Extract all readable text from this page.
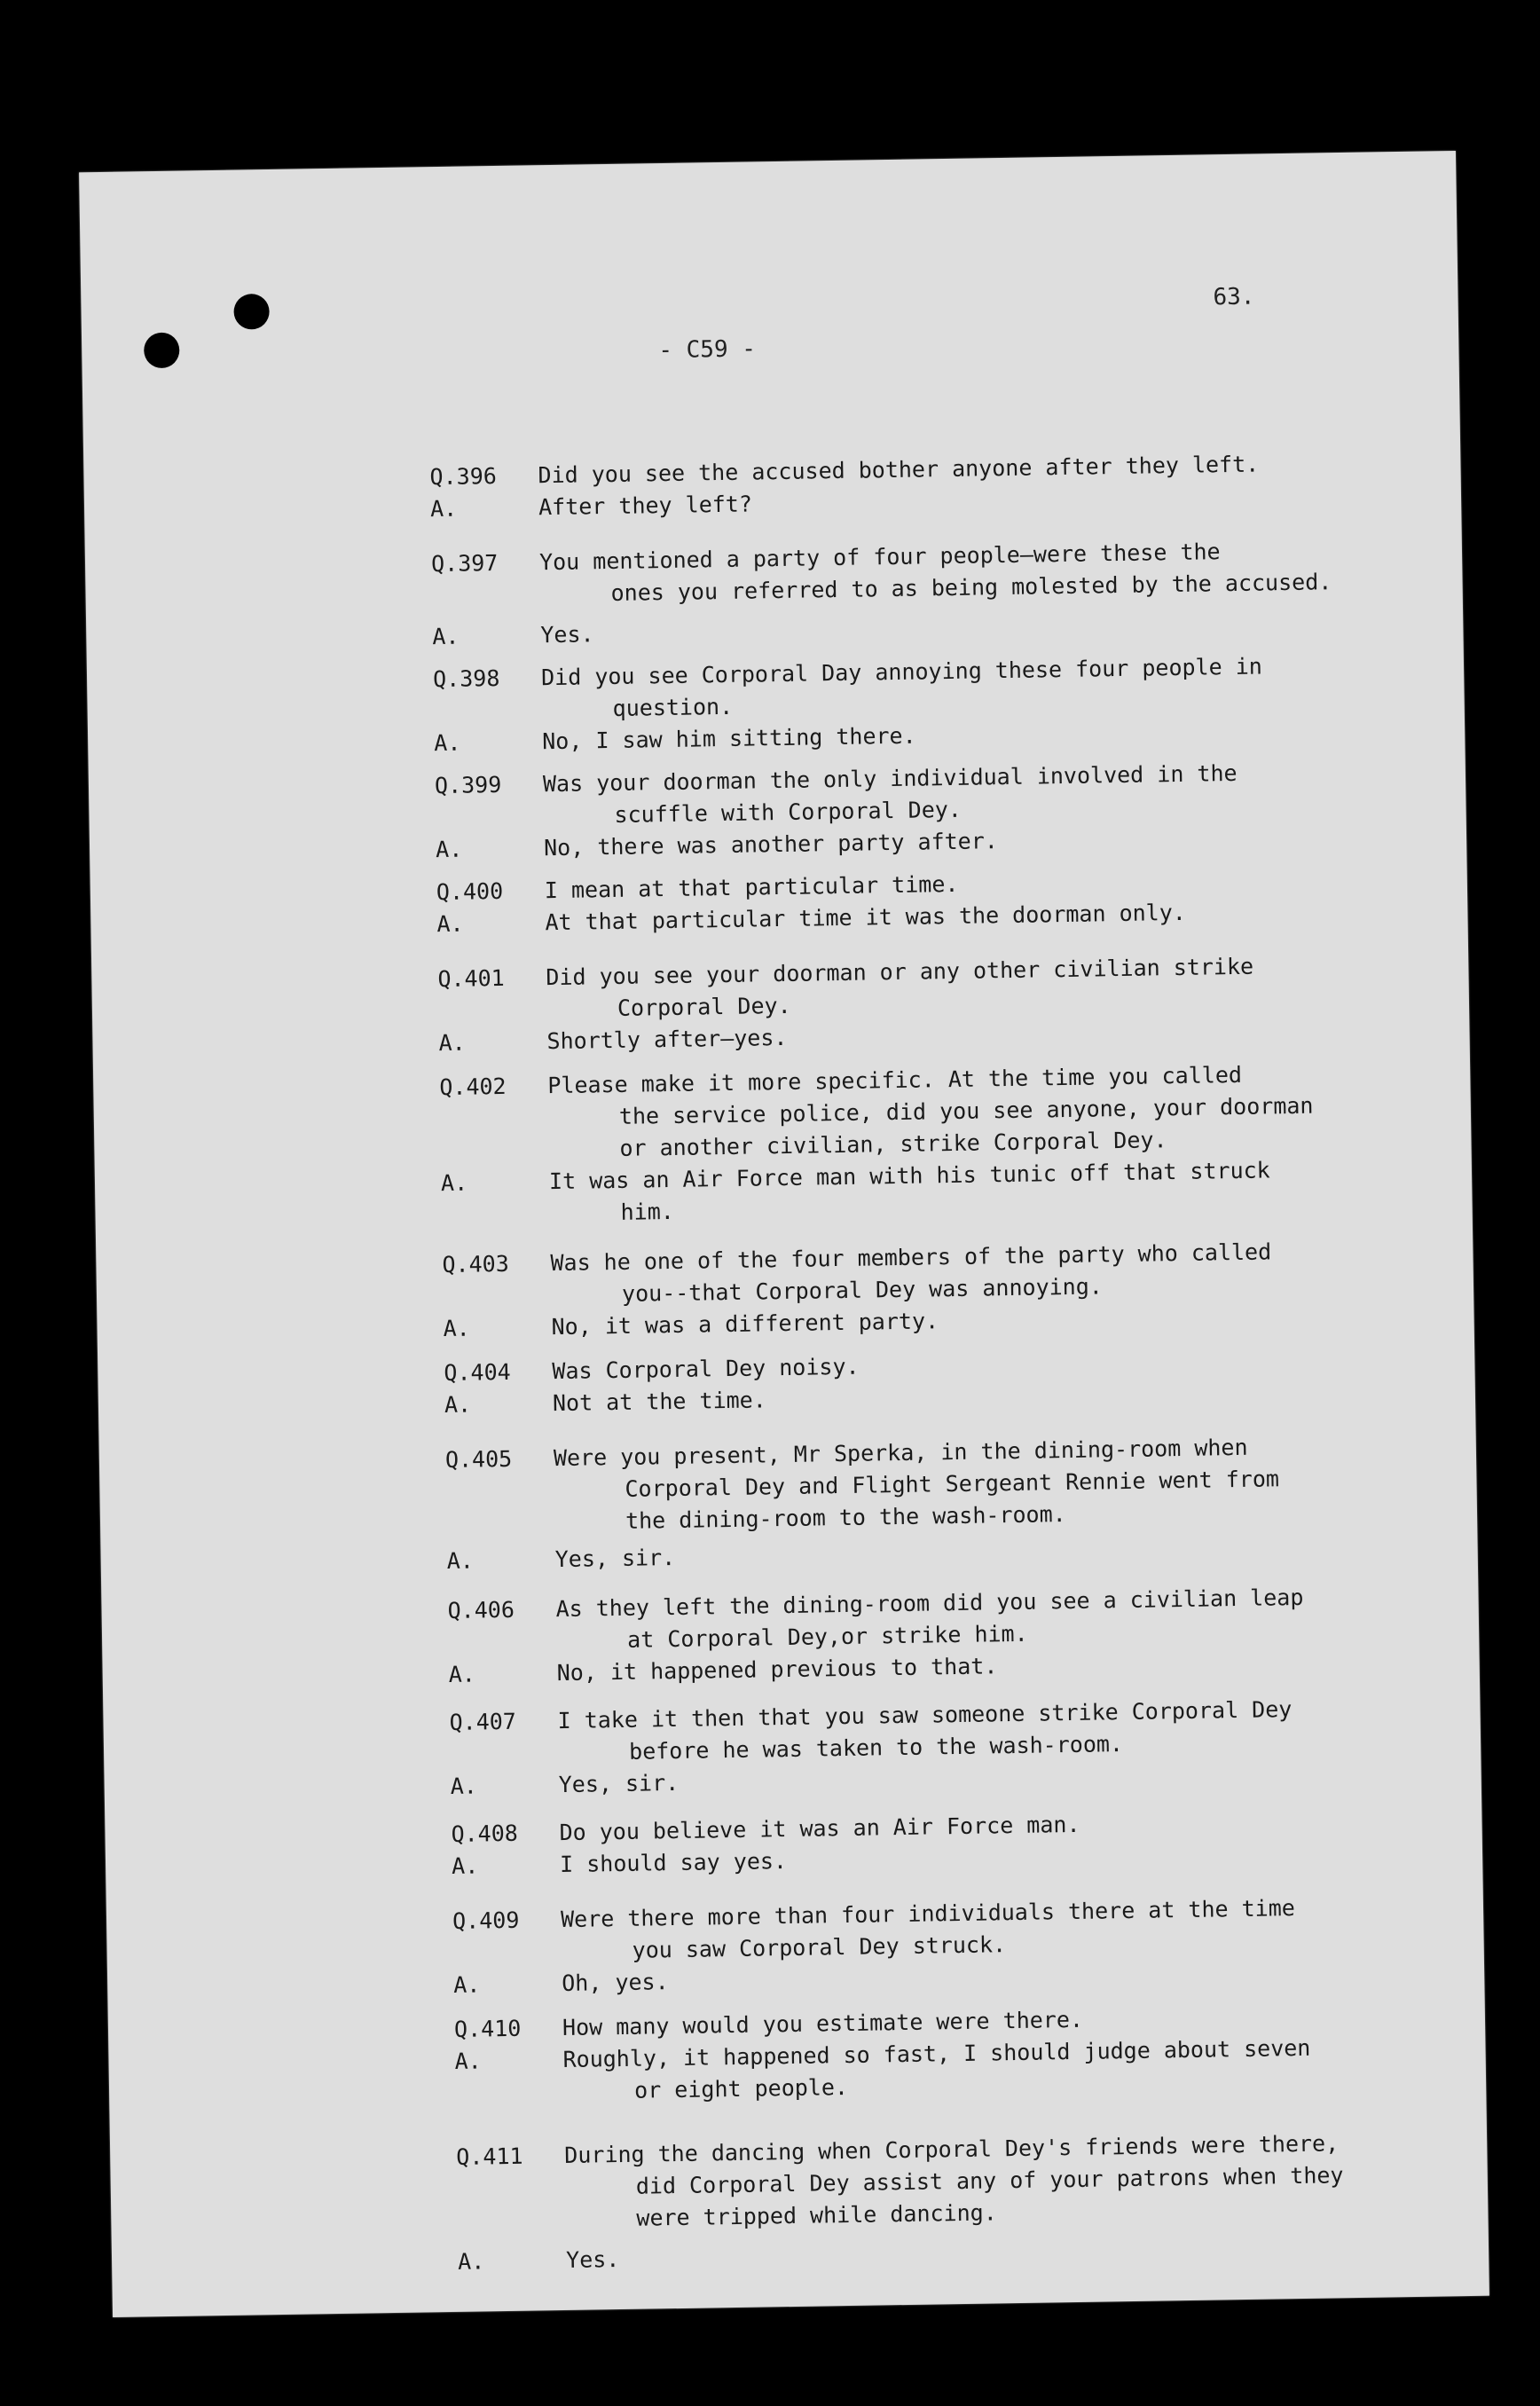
- C59 -
63.
Q.396	Did you see the accused bother anyone after they left.
A.	After they left?
Q.397	You mentioned a party of four people—were these the
ones you referred to as being molested by the accused.
A.	Yes.
Q.398	Did you see Corporal Day annoying these four people in
question.
A.	No, I saw him sitting there.
Q.399	Was your doorman the only individual involved in the
scuffle with Corporal Dey.
A.	No, there was another party after.
Q.400	I mean at that particular time.
A.	At that particular time it was the doorman only.
Q.401	Did you see your doorman or any other civilian strike
Corporal Dey.
A.	Shortly after—yes.
Q.402	Please make it more specific. At the time you called
the service police, did you see anyone, your doorman
or another civilian, strike Corporal Dey.
A.	It was an Air Force man with his tunic off that struck
him.
Q.403	Was he one of the four members of the party who called
you--that Corporal Dey was annoying.
A.	No, it was a different party.
Q.404	Was Corporal Dey noisy.
A.	Not at the time.
Q.405	Were you present, Mr Sperka, in the dining-room when
Corporal Dey and Flight Sergeant Rennie went from
the dining-room to the wash-room.
A.	Yes, sir.
Q.406	As they left the dining-room did you see a civilian leap
at Corporal Dey,or strike him.
A.	No, it happened previous to that.
Q.407	I take it then that you saw someone strike Corporal Dey
before he was taken to the wash-room.
A.	Yes, sir.
Q.408	Do you believe it was an Air Force man.
A.	I should say yes.
Q.409	Were there more than four individuals there at the time
you saw Corporal Dey struck.
A.	Oh, yes.
Q.410	How many would you estimate were there.
A.	Roughly, it happened so fast, I should judge about seven
or eight people.
Q.411	During the dancing when Corporal Dey's friends were there,
did Corporal Dey assist any of your patrons when they
were tripped while dancing.
A.	Yes.
